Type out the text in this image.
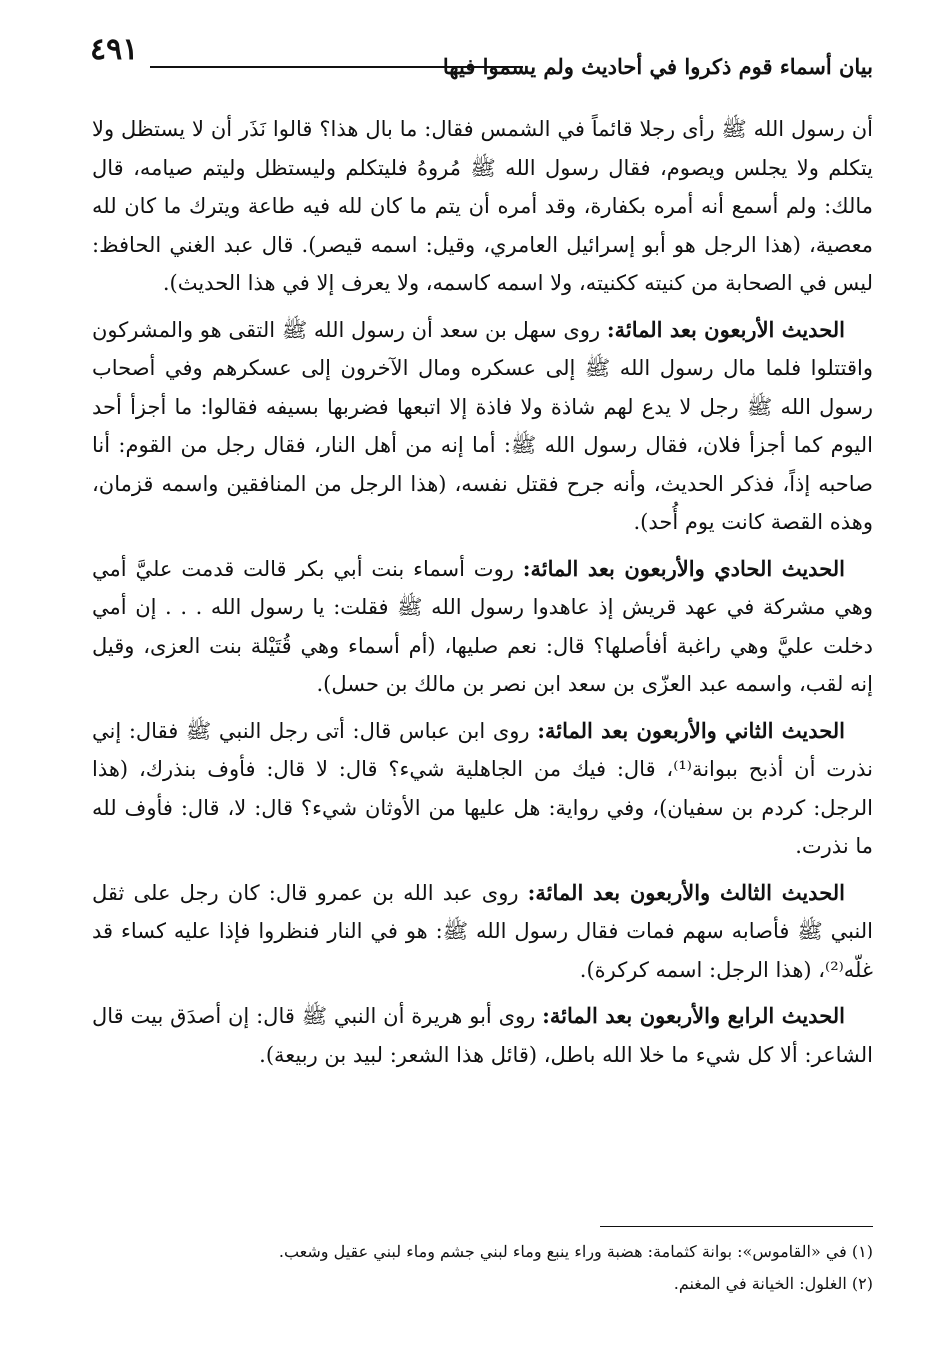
٤٩١	بيان أسماء قوم ذكروا في أحاديث ولم يسموا فيها

أن رسول الله ﷺ رأى رجلا قائماً في الشمس فقال: ما بال هذا؟ قالوا نَذَر أن لا يستظل ولا يتكلم ولا يجلس ويصوم، فقال رسول الله ﷺ مُروهُ فليتكلم وليستظل وليتم صيامه، قال مالك: ولم أسمع أنه أمره بكفارة، وقد أمره أن يتم ما كان لله فيه طاعة ويترك ما كان لله معصية، (هذا الرجل هو أبو إسرائيل العامري، وقيل: اسمه قيصر). قال عبد الغني الحافظ: ليس في الصحابة من كنيته ككنيته، ولا اسمه كاسمه، ولا يعرف إلا في هذا الحديث).

الحديث الأربعون بعد المائة: روى سهل بن سعد أن رسول الله ﷺ التقى هو والمشركون واقتتلوا فلما مال رسول الله ﷺ إلى عسكره ومال الآخرون إلى عسكرهم وفي أصحاب رسول الله ﷺ رجل لا يدع لهم شاذة ولا فاذة إلا اتبعها فضربها بسيفه فقالوا: ما أجزأ أحد اليوم كما أجزأ فلان، فقال رسول الله ﷺ: أما إنه من أهل النار، فقال رجل من القوم: أنا صاحبه إذاً، فذكر الحديث، وأنه جرح فقتل نفسه، (هذا الرجل من المنافقين واسمه قزمان، وهذه القصة كانت يوم أُحد).

الحديث الحادي والأربعون بعد المائة: روت أسماء بنت أبي بكر قالت قدمت عليَّ أمي وهي مشركة في عهد قريش إذ عاهدوا رسول الله ﷺ فقلت: يا رسول الله . . . إن أمي دخلت عليَّ وهي راغبة أفأصلها؟ قال: نعم صليها، (أم أسماء وهي قُتَيْلة بنت العزى، وقيل إنه لقب، واسمه عبد العزّى بن سعد ابن نصر بن مالك بن حسل).

الحديث الثاني والأربعون بعد المائة: روى ابن عباس قال: أتى رجل النبي ﷺ فقال: إني نذرت أن أذبح ببوانة⁽¹⁾، قال: فيك من الجاهلية شيء؟ قال: لا قال: فأوف بنذرك، (هذا الرجل: كردم بن سفيان)، وفي رواية: هل عليها من الأوثان شيء؟ قال: لا، قال: فأوف لله ما نذرت.

الحديث الثالث والأربعون بعد المائة: روى عبد الله بن عمرو قال: كان رجل على ثقل النبي ﷺ فأصابه سهم فمات فقال رسول الله ﷺ: هو في النار فنظروا فإذا عليه كساء قد غلّه⁽²⁾، (هذا الرجل: اسمه كركرة).

الحديث الرابع والأربعون بعد المائة: روى أبو هريرة أن النبي ﷺ قال: إن أصدَق بيت قال الشاعر: ألا كل شيء ما خلا الله باطل، (قائل هذا الشعر: لبيد بن ربيعة).

(١) في «القاموس»: بوانة كثمامة: هضبة وراء ينبع وماء لبني جشم وماء لبني عقيل وشعب.

(٢) الغلول: الخيانة في المغنم.
